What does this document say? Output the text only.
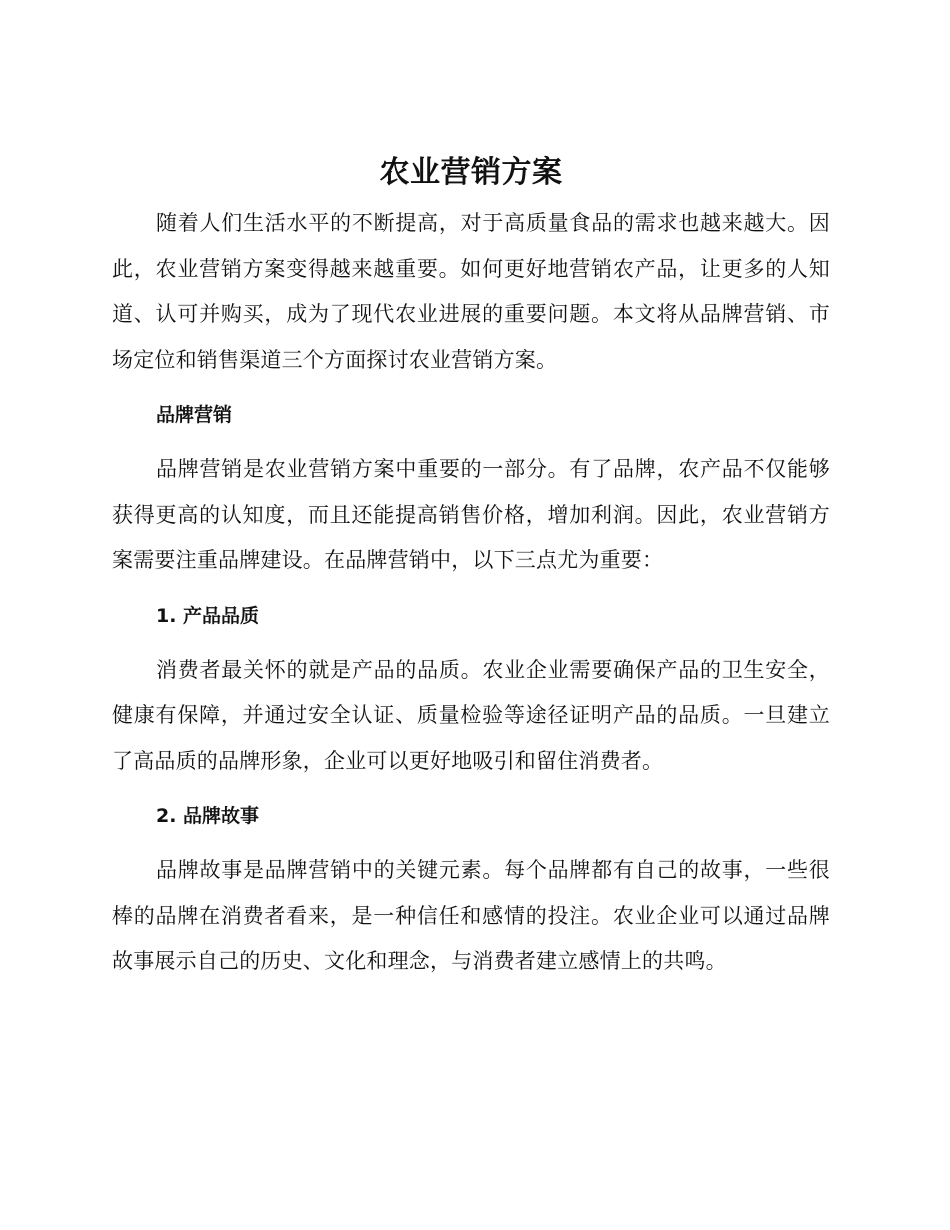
农业营销方案

随着人们生活水平的不断提高，对于高质量食品的需求也越来越大。因此，农业营销方案变得越来越重要。如何更好地营销农产品，让更多的人知道、认可并购买，成为了现代农业进展的重要问题。本文将从品牌营销、市场定位和销售渠道三个方面探讨农业营销方案。

品牌营销

品牌营销是农业营销方案中重要的一部分。有了品牌，农产品不仅能够获得更高的认知度，而且还能提高销售价格，增加利润。因此，农业营销方案需要注重品牌建设。在品牌营销中，以下三点尤为重要：

1. 产品品质

消费者最关怀的就是产品的品质。农业企业需要确保产品的卫生安全，健康有保障，并通过安全认证、质量检验等途径证明产品的品质。一旦建立了高品质的品牌形象，企业可以更好地吸引和留住消费者。

2. 品牌故事

品牌故事是品牌营销中的关键元素。每个品牌都有自己的故事，一些很棒的品牌在消费者看来，是一种信任和感情的投注。农业企业可以通过品牌故事展示自己的历史、文化和理念，与消费者建立感情上的共鸣。
